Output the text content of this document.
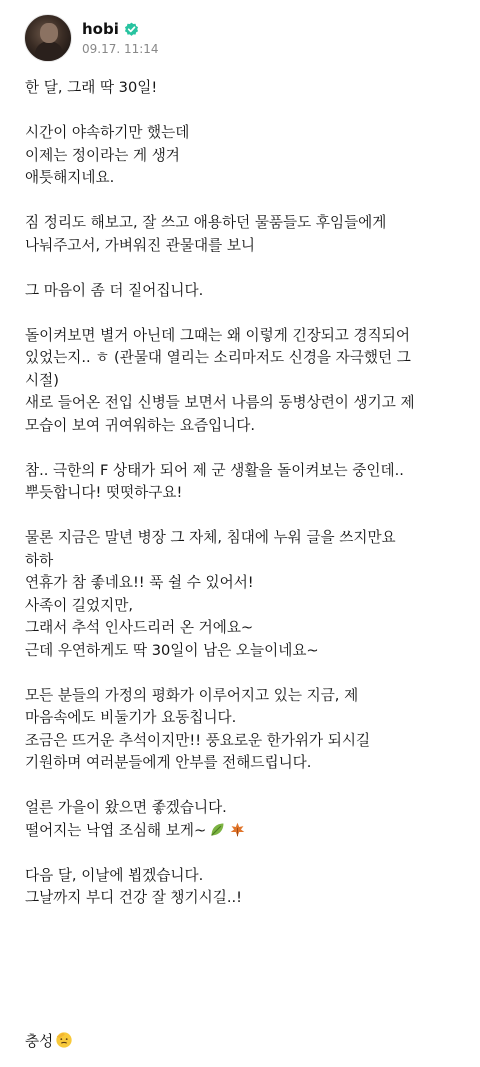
hobi
09.17. 11:14
한 달, 그래 딱 30일!
시간이 야속하기만 했는데
이제는 정이라는 게 생겨
애틋해지네요.
짐 정리도 해보고, 잘 쓰고 애용하던 물품들도 후임들에게
나눠주고서, 가벼워진 관물대를 보니
그 마음이 좀 더 짙어집니다.
돌이켜보면 별거 아닌데 그때는 왜 이렇게 긴장되고 경직되어
있었는지.. ㅎ (관물대 열리는 소리마저도 신경을 자극했던 그
시절)
새로 들어온 전입 신병들 보면서 나름의 동병상련이 생기고 제
모습이 보여 귀여워하는 요즘입니다.
참.. 극한의 F 상태가 되어 제 군 생활을 돌이켜보는 중인데..
뿌듯합니다! 떳떳하구요!
물론 지금은 말년 병장 그 자체, 침대에 누워 글을 쓰지만요
하하
연휴가 참 좋네요!! 푹 쉴 수 있어서!
사족이 길었지만,
그래서 추석 인사드리러 온 거에요~
근데 우연하게도 딱 30일이 남은 오늘이네요~
모든 분들의 가정의 평화가 이루어지고 있는 지금, 제
마음속에도 비둘기가 요동칩니다.
조금은 뜨거운 추석이지만!! 풍요로운 한가위가 되시길
기원하며 여러분들에게 안부를 전해드립니다.
얼른 가을이 왔으면 좋겠습니다.
떨어지는 낙엽 조심해 보게~
다음 달, 이날에 뵙겠습니다.
그날까지 부디 건강 잘 챙기시길..!
충성
